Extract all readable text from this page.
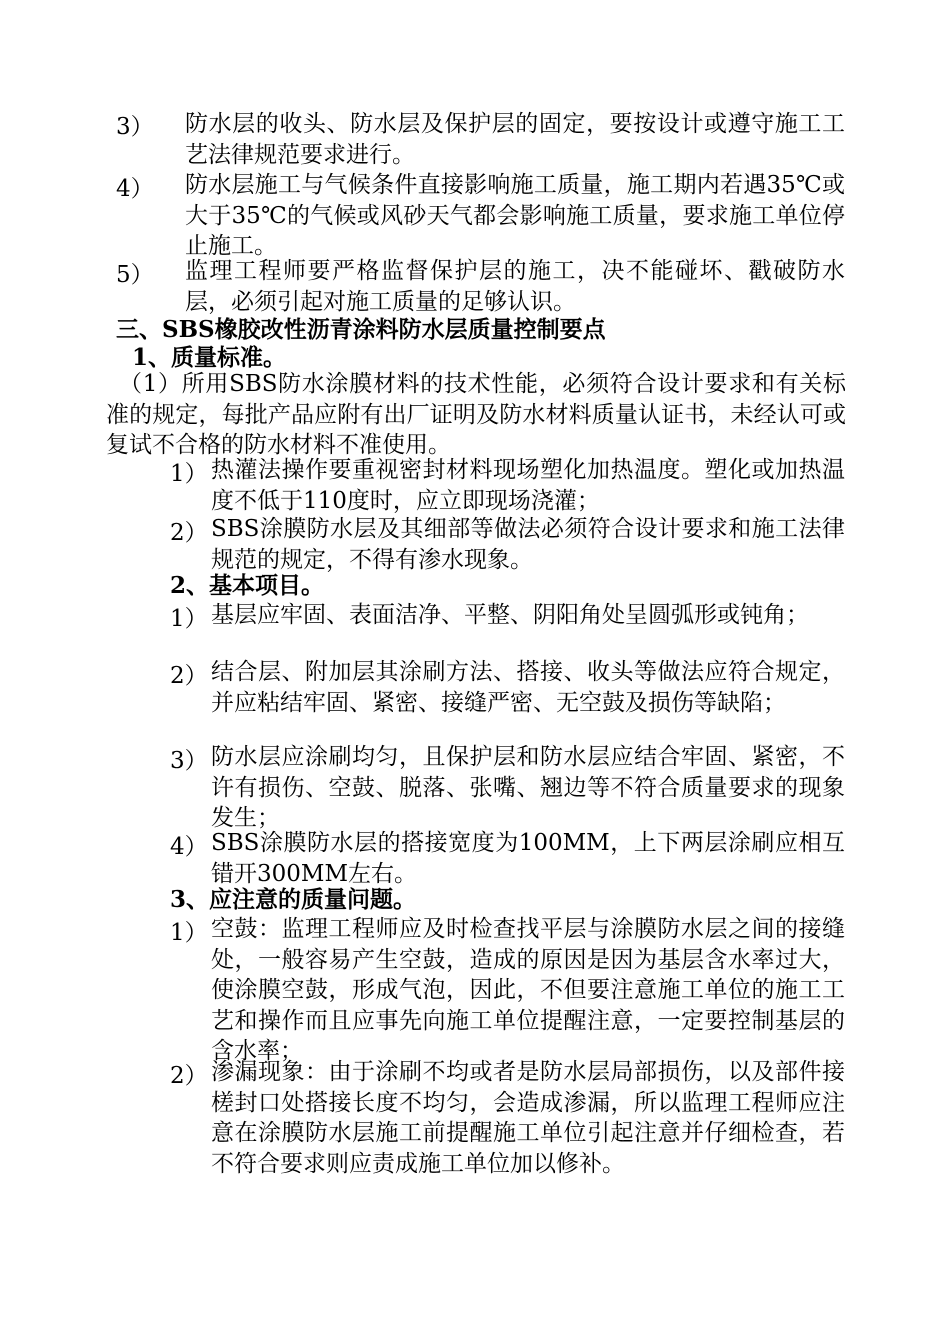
3） 防水层的收头、防水层及保护层的固定，要按设计或遵守施工工艺法律规范要求进行。
4） 防水层施工与气候条件直接影响施工质量，施工期内若遇35℃或大于35℃的气候或风砂天气都会影响施工质量，要求施工单位停止施工。
5） 监理工程师要严格监督保护层的施工，决不能碰坏、戳破防水层，必须引起对施工质量的足够认识。
三、SBS橡胶改性沥青涂料防水层质量控制要点
1、质量标准。
（1）所用SBS防水涂膜材料的技术性能，必须符合设计要求和有关标准的规定，每批产品应附有出厂证明及防水材料质量认证书，未经认可或复试不合格的防水材料不准使用。
1） 热灌法操作要重视密封材料现场塑化加热温度。塑化或加热温度不低于110度时，应立即现场浇灌；
2） SBS涂膜防水层及其细部等做法必须符合设计要求和施工法律规范的规定，不得有渗水现象。
2、基本项目。
1） 基层应牢固、表面洁净、平整、阴阳角处呈圆弧形或钝角；
2） 结合层、附加层其涂刷方法、搭接、收头等做法应符合规定，并应粘结牢固、紧密、接缝严密、无空鼓及损伤等缺陷；
3） 防水层应涂刷均匀，且保护层和防水层应结合牢固、紧密，不许有损伤、空鼓、脱落、张嘴、翘边等不符合质量要求的现象发生；
4） SBS涂膜防水层的搭接宽度为100MM，上下两层涂刷应相互错开300MM左右。
3、应注意的质量问题。
1） 空鼓：监理工程师应及时检查找平层与涂膜防水层之间的接缝处，一般容易产生空鼓，造成的原因是因为基层含水率过大，使涂膜空鼓，形成气泡，因此，不但要注意施工单位的施工工艺和操作而且应事先向施工单位提醒注意，一定要控制基层的含水率；
2） 渗漏现象：由于涂刷不均或者是防水层局部损伤，以及部件接槎封口处搭接长度不均匀，会造成渗漏，所以监理工程师应注意在涂膜防水层施工前提醒施工单位引起注意并仔细检查，若不符合要求则应责成施工单位加以修补。
